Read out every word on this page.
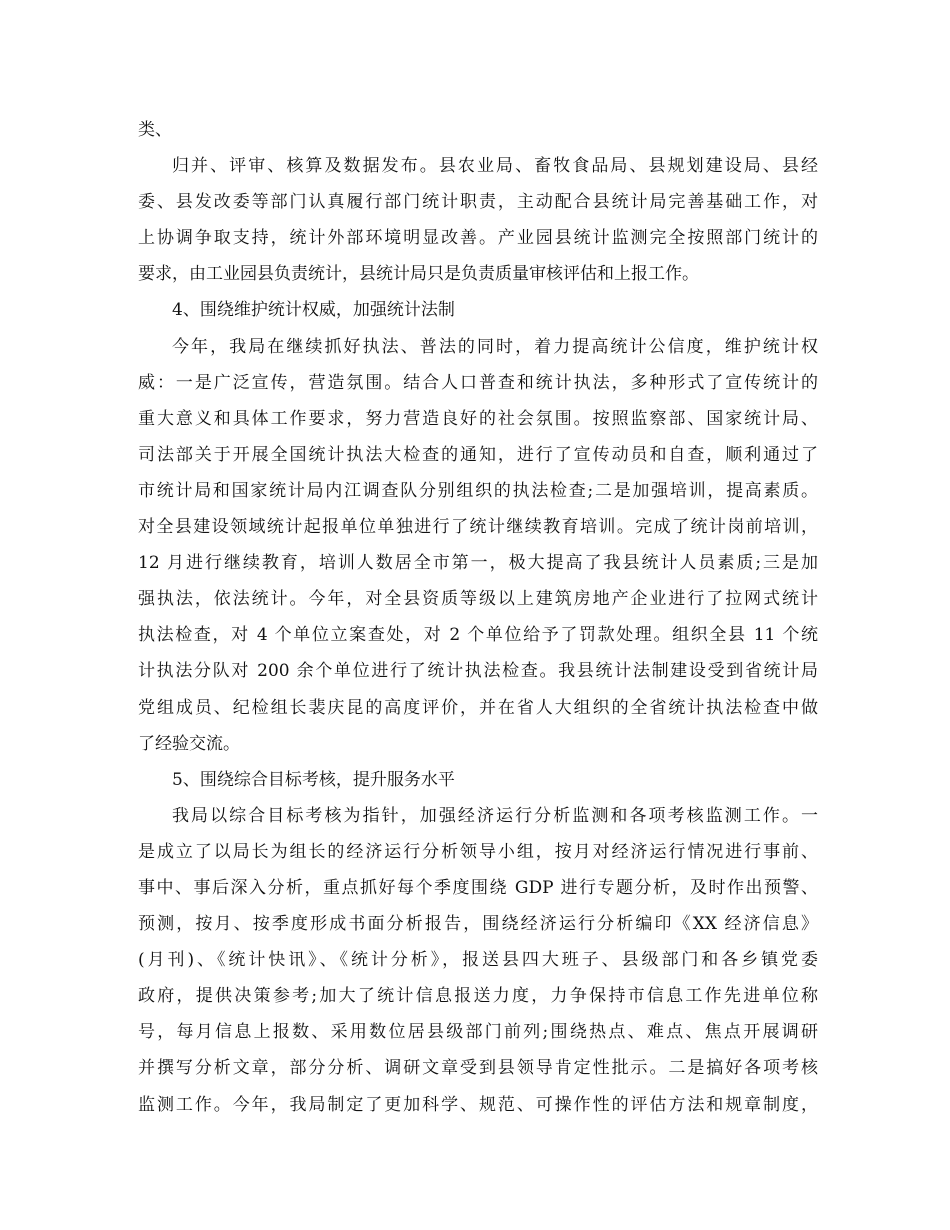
类、
归并、评审、核算及数据发布。县农业局、畜牧食品局、县规划建设局、县经
委、县发改委等部门认真履行部门统计职责，主动配合县统计局完善基础工作，对
上协调争取支持，统计外部环境明显改善。产业园县统计监测完全按照部门统计的
要求，由工业园县负责统计，县统计局只是负责质量审核评估和上报工作。
4、围绕维护统计权威，加强统计法制
今年，我局在继续抓好执法、普法的同时，着力提高统计公信度，维护统计权
威：一是广泛宣传，营造氛围。结合人口普查和统计执法，多种形式了宣传统计的
重大意义和具体工作要求，努力营造良好的社会氛围。按照监察部、国家统计局、
司法部关于开展全国统计执法大检查的通知，进行了宣传动员和自查，顺利通过了
市统计局和国家统计局内江调查队分别组织的执法检查;二是加强培训，提高素质。
对全县建设领域统计起报单位单独进行了统计继续教育培训。完成了统计岗前培训，
12 月进行继续教育，培训人数居全市第一，极大提高了我县统计人员素质;三是加
强执法，依法统计。今年，对全县资质等级以上建筑房地产企业进行了拉网式统计
执法检查，对 4 个单位立案查处，对 2 个单位给予了罚款处理。组织全县 11 个统
计执法分队对 200 余个单位进行了统计执法检查。我县统计法制建设受到省统计局
党组成员、纪检组长裴庆昆的高度评价，并在省人大组织的全省统计执法检查中做
了经验交流。
5、围绕综合目标考核，提升服务水平
我局以综合目标考核为指针，加强经济运行分析监测和各项考核监测工作。一
是成立了以局长为组长的经济运行分析领导小组，按月对经济运行情况进行事前、
事中、事后深入分析，重点抓好每个季度围绕 GDP 进行专题分析，及时作出预警、
预测，按月、按季度形成书面分析报告，围绕经济运行分析编印《XX 经济信息》
(月刊)、《统计快讯》、《统计分析》，报送县四大班子、县级部门和各乡镇党委
政府，提供决策参考;加大了统计信息报送力度，力争保持市信息工作先进单位称
号，每月信息上报数、采用数位居县级部门前列;围绕热点、难点、焦点开展调研
并撰写分析文章，部分分析、调研文章受到县领导肯定性批示。二是搞好各项考核
监测工作。今年，我局制定了更加科学、规范、可操作性的评估方法和规章制度，
